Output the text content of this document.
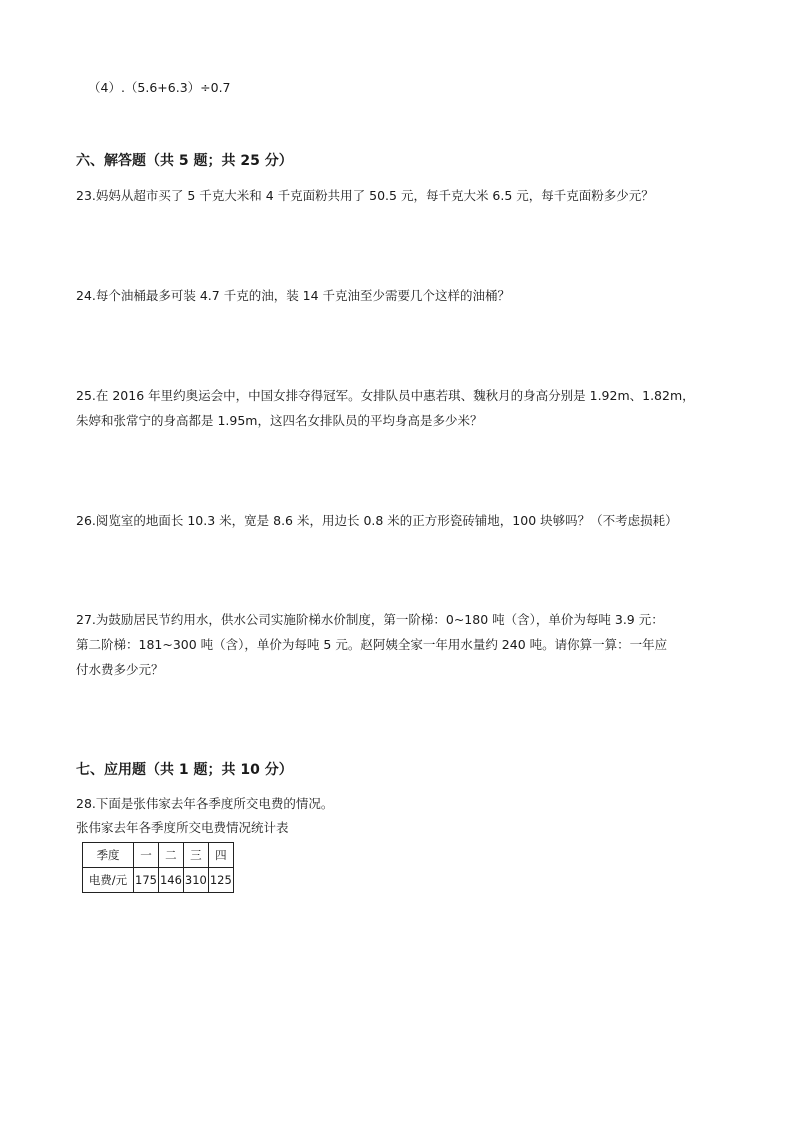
（4）.（5.6+6.3）÷0.7
六、解答题（共 5 题；共 25 分）
23.妈妈从超市买了 5 千克大米和 4 千克面粉共用了 50.5 元，每千克大米 6.5 元，每千克面粉多少元？
24.每个油桶最多可装 4.7 千克的油，装 14 千克油至少需要几个这样的油桶？
25.在 2016 年里约奥运会中，中国女排夺得冠军。女排队员中惠若琪、魏秋月的身高分别是 1.92m、1.82m，
朱婷和张常宁的身高都是 1.95m，这四名女排队员的平均身高是多少米？
26.阅览室的地面长 10.3 米，宽是 8.6 米，用边长 0.8 米的正方形瓷砖铺地，100 块够吗？（不考虑损耗）
27.为鼓励居民节约用水，供水公司实施阶梯水价制度，第一阶梯：0~180 吨（含），单价为每吨 3.9 元：
第二阶梯：181~300 吨（含），单价为每吨 5 元。赵阿姨全家一年用水量约 240 吨。请你算一算：一年应
付水费多少元？
七、应用题（共 1 题；共 10 分）
28.下面是张伟家去年各季度所交电费的情况。
张伟家去年各季度所交电费情况统计表
季度	一	二	三	四
电费/元	175	146	310	125
